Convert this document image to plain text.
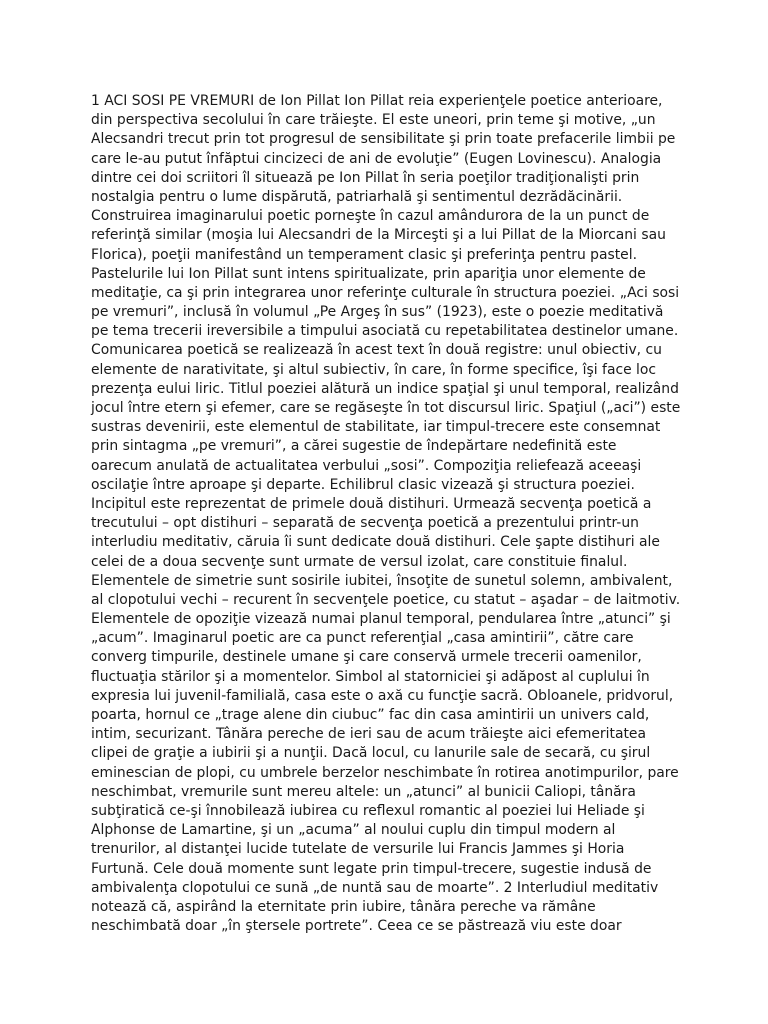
1 ACI SOSI PE VREMURI de Ion Pillat Ion Pillat reia experienţele poetice anterioare,
din perspectiva secolului în care trăieşte. El este uneori, prin teme şi motive, „un
Alecsandri trecut prin tot progresul de sensibilitate şi prin toate prefacerile limbii pe
care le-au putut înfăptui cincizeci de ani de evoluţie” (Eugen Lovinescu). Analogia
dintre cei doi scriitori îl situează pe Ion Pillat în seria poeţilor tradiţionalişti prin
nostalgia pentru o lume dispărută, patriarhală şi sentimentul dezrădăcinării.
Construirea imaginarului poetic porneşte în cazul amândurora de la un punct de
referinţă similar (moşia lui Alecsandri de la Mirceşti şi a lui Pillat de la Miorcani sau
Florica), poeţii manifestând un temperament clasic şi preferinţa pentru pastel.
Pastelurile lui Ion Pillat sunt intens spiritualizate, prin apariţia unor elemente de
meditaţie, ca şi prin integrarea unor referinţe culturale în structura poeziei. „Aci sosi
pe vremuri”, inclusă în volumul „Pe Argeş în sus” (1923), este o poezie meditativă
pe tema trecerii ireversibile a timpului asociată cu repetabilitatea destinelor umane.
Comunicarea poetică se realizează în acest text în două registre: unul obiectiv, cu
elemente de narativitate, şi altul subiectiv, în care, în forme specifice, îşi face loc
prezenţa eului liric. Titlul poeziei alătură un indice spaţial şi unul temporal, realizând
jocul între etern şi efemer, care se regăseşte în tot discursul liric. Spaţiul („aci”) este
sustras devenirii, este elementul de stabilitate, iar timpul-trecere este consemnat
prin sintagma „pe vremuri”, a cărei sugestie de îndepărtare nedefinită este
oarecum anulată de actualitatea verbului „sosi”. Compoziţia reliefează aceeaşi
oscilaţie între aproape şi departe. Echilibrul clasic vizează şi structura poeziei.
Incipitul este reprezentat de primele două distihuri. Urmează secvenţa poetică a
trecutului – opt distihuri – separată de secvenţa poetică a prezentului printr-un
interludiu meditativ, căruia îi sunt dedicate două distihuri. Cele şapte distihuri ale
celei de a doua secvenţe sunt urmate de versul izolat, care constituie finalul.
Elementele de simetrie sunt sosirile iubitei, însoţite de sunetul solemn, ambivalent,
al clopotului vechi – recurent în secvenţele poetice, cu statut – aşadar – de laitmotiv.
Elementele de opoziţie vizează numai planul temporal, pendularea între „atunci” şi
„acum”. Imaginarul poetic are ca punct referenţial „casa amintirii”, către care
converg timpurile, destinele umane şi care conservă urmele trecerii oamenilor,
fluctuaţia stărilor şi a momentelor. Simbol al statorniciei şi adăpost al cuplului în
expresia lui juvenil-familială, casa este o axă cu funcţie sacră. Obloanele, pridvorul,
poarta, hornul ce „trage alene din ciubuc” fac din casa amintirii un univers cald,
intim, securizant. Tânăra pereche de ieri sau de acum trăieşte aici efemeritatea
clipei de graţie a iubirii şi a nunţii. Dacă locul, cu lanurile sale de secară, cu şirul
eminescian de plopi, cu umbrele berzelor neschimbate în rotirea anotimpurilor, pare
neschimbat, vremurile sunt mereu altele: un „atunci” al bunicii Caliopi, tânăra
subţiratică ce-şi înnobilează iubirea cu reflexul romantic al poeziei lui Heliade şi
Alphonse de Lamartine, şi un „acuma” al noului cuplu din timpul modern al
trenurilor, al distanţei lucide tutelate de versurile lui Francis Jammes şi Horia
Furtună. Cele două momente sunt legate prin timpul-trecere, sugestie indusă de
ambivalenţa clopotului ce sună „de nuntă sau de moarte”. 2 Interludiul meditativ
notează că, aspirând la eternitate prin iubire, tânăra pereche va rămâne
neschimbată doar „în ştersele portrete”. Ceea ce se păstrează viu este doar
